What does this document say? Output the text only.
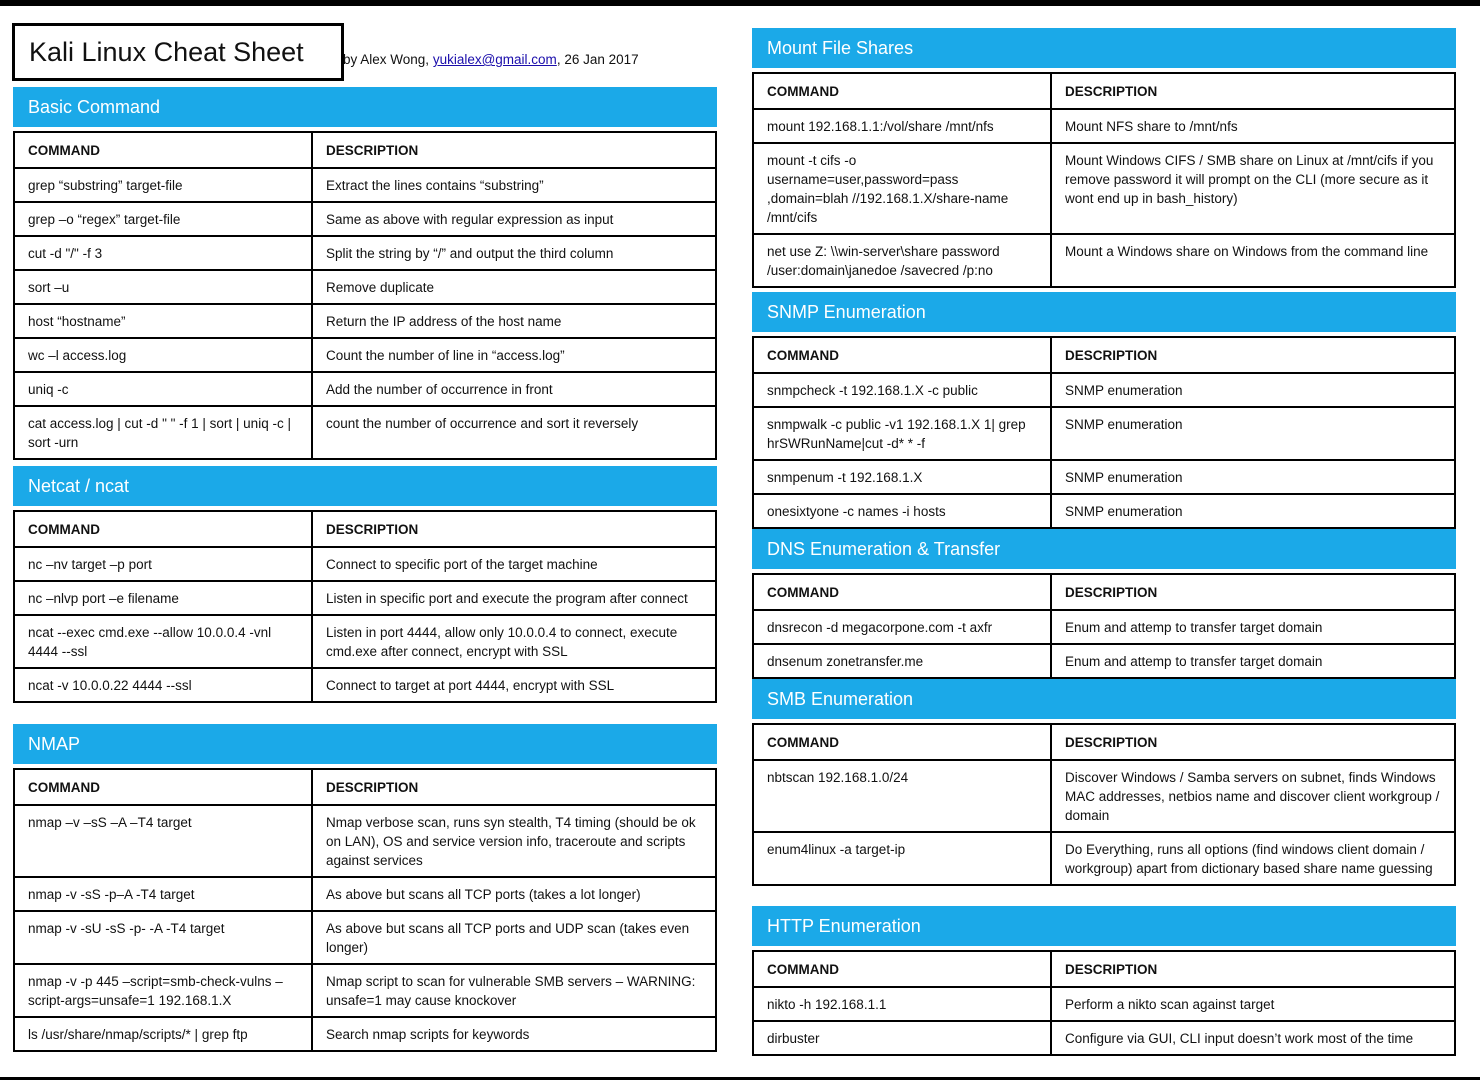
Kali Linux Cheat Sheet	by Alex Wong, yukialex@gmail.com, 26 Jan 2017
Basic Command
COMMAND	DESCRIPTION
grep “substring” target-file	Extract the lines contains “substring”
grep –o “regex” target-file	Same as above with regular expression as input
cut -d "/" -f 3	Split the string by “/” and output the third column
sort –u	Remove duplicate
host “hostname”	Return the IP address of the host name
wc –l access.log	Count the number of line in “access.log”
uniq -c	Add the number of occurrence in front
cat access.log | cut -d " " -f 1 | sort | uniq -c | sort -urn	count the number of occurrence and sort it reversely
Netcat / ncat
COMMAND	DESCRIPTION
nc –nv target –p port	Connect to specific port of the target machine
nc –nlvp port –e filename	Listen in specific port and execute the program after connect
ncat --exec cmd.exe --allow 10.0.0.4 -vnl 4444 --ssl	Listen in port 4444, allow only 10.0.0.4 to connect, execute cmd.exe after connect, encrypt with SSL
ncat -v 10.0.0.22 4444 --ssl	Connect to target at port 4444, encrypt with SSL
NMAP
COMMAND	DESCRIPTION
nmap –v –sS –A –T4 target	Nmap verbose scan, runs syn stealth, T4 timing (should be ok on LAN), OS and service version info, traceroute and scripts against services
nmap -v -sS -p–A -T4 target	As above but scans all TCP ports (takes a lot longer)
nmap -v -sU -sS -p- -A -T4 target	As above but scans all TCP ports and UDP scan (takes even longer)
nmap -v -p 445 –script=smb-check-vulns –script-args=unsafe=1 192.168.1.X	Nmap script to scan for vulnerable SMB servers – WARNING: unsafe=1 may cause knockover
ls /usr/share/nmap/scripts/* | grep ftp	Search nmap scripts for keywords
Mount File Shares
COMMAND	DESCRIPTION
mount 192.168.1.1:/vol/share /mnt/nfs	Mount NFS share to /mnt/nfs
mount -t cifs -o username=user,password=pass ,domain=blah //192.168.1.X/share-name /mnt/cifs	Mount Windows CIFS / SMB share on Linux at /mnt/cifs if you remove password it will prompt on the CLI (more secure as it wont end up in bash_history)
net use Z: \\win-server\share password /user:domain\janedoe /savecred /p:no	Mount a Windows share on Windows from the command line
SNMP Enumeration
COMMAND	DESCRIPTION
snmpcheck -t 192.168.1.X -c public	SNMP enumeration
snmpwalk -c public -v1 192.168.1.X 1| grep hrSWRunName|cut -d* * -f	SNMP enumeration
snmpenum -t 192.168.1.X	SNMP enumeration
onesixtyone -c names -i hosts	SNMP enumeration
DNS Enumeration & Transfer
COMMAND	DESCRIPTION
dnsrecon -d megacorpone.com -t axfr	Enum and attemp to transfer target domain
dnsenum zonetransfer.me	Enum and attemp to transfer target domain
SMB Enumeration
COMMAND	DESCRIPTION
nbtscan 192.168.1.0/24	Discover Windows / Samba servers on subnet, finds Windows MAC addresses, netbios name and discover client workgroup / domain
enum4linux -a target-ip	Do Everything, runs all options (find windows client domain / workgroup) apart from dictionary based share name guessing
HTTP Enumeration
COMMAND	DESCRIPTION
nikto -h 192.168.1.1	Perform a nikto scan against target
dirbuster	Configure via GUI, CLI input doesn’t work most of the time
